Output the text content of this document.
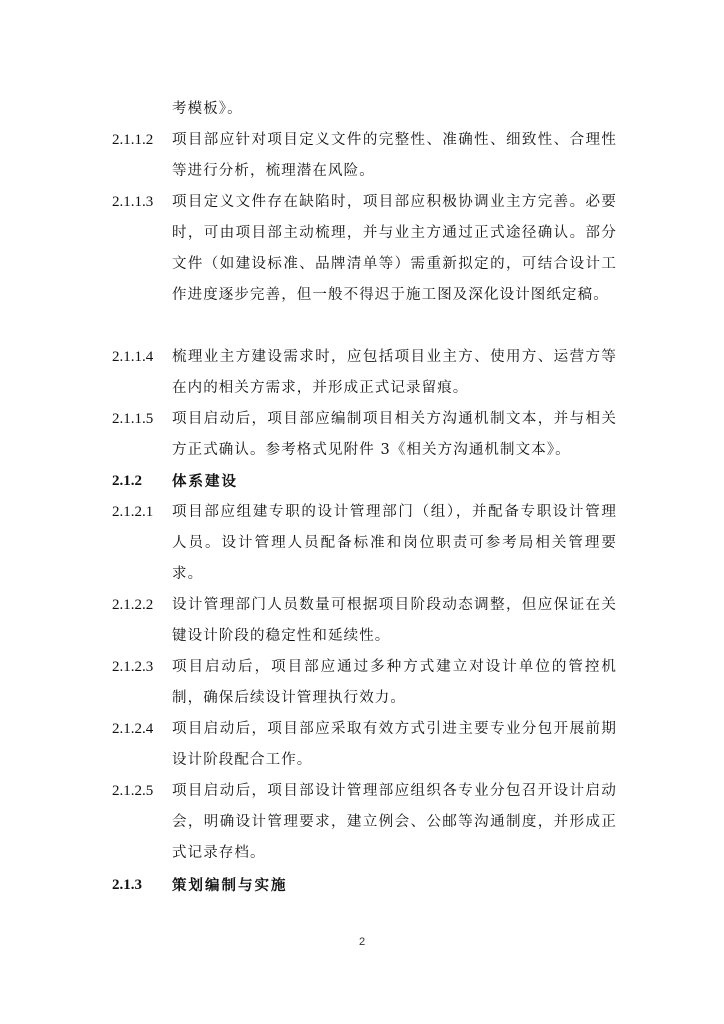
考模板》。
2.1.1.2	项目部应针对项目定义文件的完整性、准确性、细致性、合理性等进行分析，梳理潜在风险。
2.1.1.3	项目定义文件存在缺陷时，项目部应积极协调业主方完善。必要时，可由项目部主动梳理，并与业主方通过正式途径确认。部分文件（如建设标准、品牌清单等）需重新拟定的，可结合设计工作进度逐步完善，但一般不得迟于施工图及深化设计图纸定稿。
2.1.1.4	梳理业主方建设需求时，应包括项目业主方、使用方、运营方等在内的相关方需求，并形成正式记录留痕。
2.1.1.5	项目启动后，项目部应编制项目相关方沟通机制文本，并与相关方正式确认。参考格式见附件 3《相关方沟通机制文本》。
2.1.2	体系建设
2.1.2.1	项目部应组建专职的设计管理部门（组），并配备专职设计管理人员。设计管理人员配备标准和岗位职责可参考局相关管理要求。
2.1.2.2	设计管理部门人员数量可根据项目阶段动态调整，但应保证在关键设计阶段的稳定性和延续性。
2.1.2.3	项目启动后，项目部应通过多种方式建立对设计单位的管控机制，确保后续设计管理执行效力。
2.1.2.4	项目启动后，项目部应采取有效方式引进主要专业分包开展前期设计阶段配合工作。
2.1.2.5	项目启动后，项目部设计管理部应组织各专业分包召开设计启动会，明确设计管理要求，建立例会、公邮等沟通制度，并形成正式记录存档。
2.1.3	策划编制与实施
2
